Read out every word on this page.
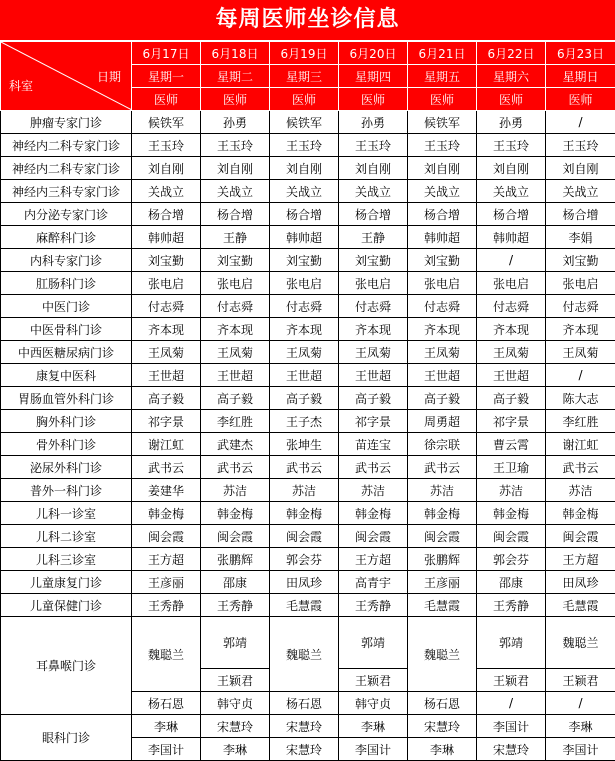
每周医师坐诊信息
科室
日期	6月17日	6月18日	6月19日	6月20日	6月21日	6月22日	6月23日
	星期一	星期二	星期三	星期四	星期五	星期六	星期日
	医师	医师	医师	医师	医师	医师	医师
肿瘤专家门诊	候铁军	孙勇	候铁军	孙勇	候铁军	孙勇	/
神经内二科专家门诊	王玉玲	王玉玲	王玉玲	王玉玲	王玉玲	王玉玲	王玉玲
神经内二科专家门诊	刘自刚	刘自刚	刘自刚	刘自刚	刘自刚	刘自刚	刘自刚
神经内三科专家门诊	关战立	关战立	关战立	关战立	关战立	关战立	关战立
内分泌专家门诊	杨合增	杨合增	杨合增	杨合增	杨合增	杨合增	杨合增
麻醉科门诊	韩帅超	王静	韩帅超	王静	韩帅超	韩帅超	李娟
内科专家门诊	刘宝勤	刘宝勤	刘宝勤	刘宝勤	刘宝勤	/	刘宝勤
肛肠科门诊	张电启	张电启	张电启	张电启	张电启	张电启	张电启
中医门诊	付志舜	付志舜	付志舜	付志舜	付志舜	付志舜	付志舜
中医骨科门诊	齐本现	齐本现	齐本现	齐本现	齐本现	齐本现	齐本现
中西医糖尿病门诊	王凤菊	王凤菊	王凤菊	王凤菊	王凤菊	王凤菊	王凤菊
康复中医科	王世超	王世超	王世超	王世超	王世超	王世超	/
胃肠血管外科门诊	高子毅	高子毅	高子毅	高子毅	高子毅	高子毅	陈大志
胸外科门诊	祁字景	李红胜	王子杰	祁字景	周勇超	祁字景	李红胜
骨外科门诊	谢江虹	武建杰	张坤生	苗连宝	徐宗联	曹云霄	谢江虹
泌尿外科门诊	武书云	武书云	武书云	武书云	武书云	王卫瑜	武书云
普外一科门诊	姜建华	苏洁	苏洁	苏洁	苏洁	苏洁	苏洁
儿科一诊室	韩金梅	韩金梅	韩金梅	韩金梅	韩金梅	韩金梅	韩金梅
儿科二诊室	闽会霞	闽会霞	闽会霞	闽会霞	闽会霞	闽会霞	闽会霞
儿科三诊室	王方超	张鹏辉	郭会芬	王方超	张鹏辉	郭会芬	王方超
儿童康复门诊	王彦丽	邵康	田凤珍	高青宇	王彦丽	邵康	田凤珍
儿童保健门诊	王秀静	王秀静	毛慧霞	王秀静	毛慧霞	王秀静	毛慧霞
耳鼻喉门诊	魏聪兰	郭靖	魏聪兰	郭靖	魏聪兰	郭靖	魏聪兰
		王颖君		王颖君		王颖君	王颖君
	杨石恩	韩守贞	杨石恩	韩守贞	杨石恩	/	/
眼科门诊	李琳	宋慧玲	宋慧玲	李琳	宋慧玲	李国计	李琳
	李国计	李琳	宋慧玲	李国计	李琳	宋慧玲	李国计
